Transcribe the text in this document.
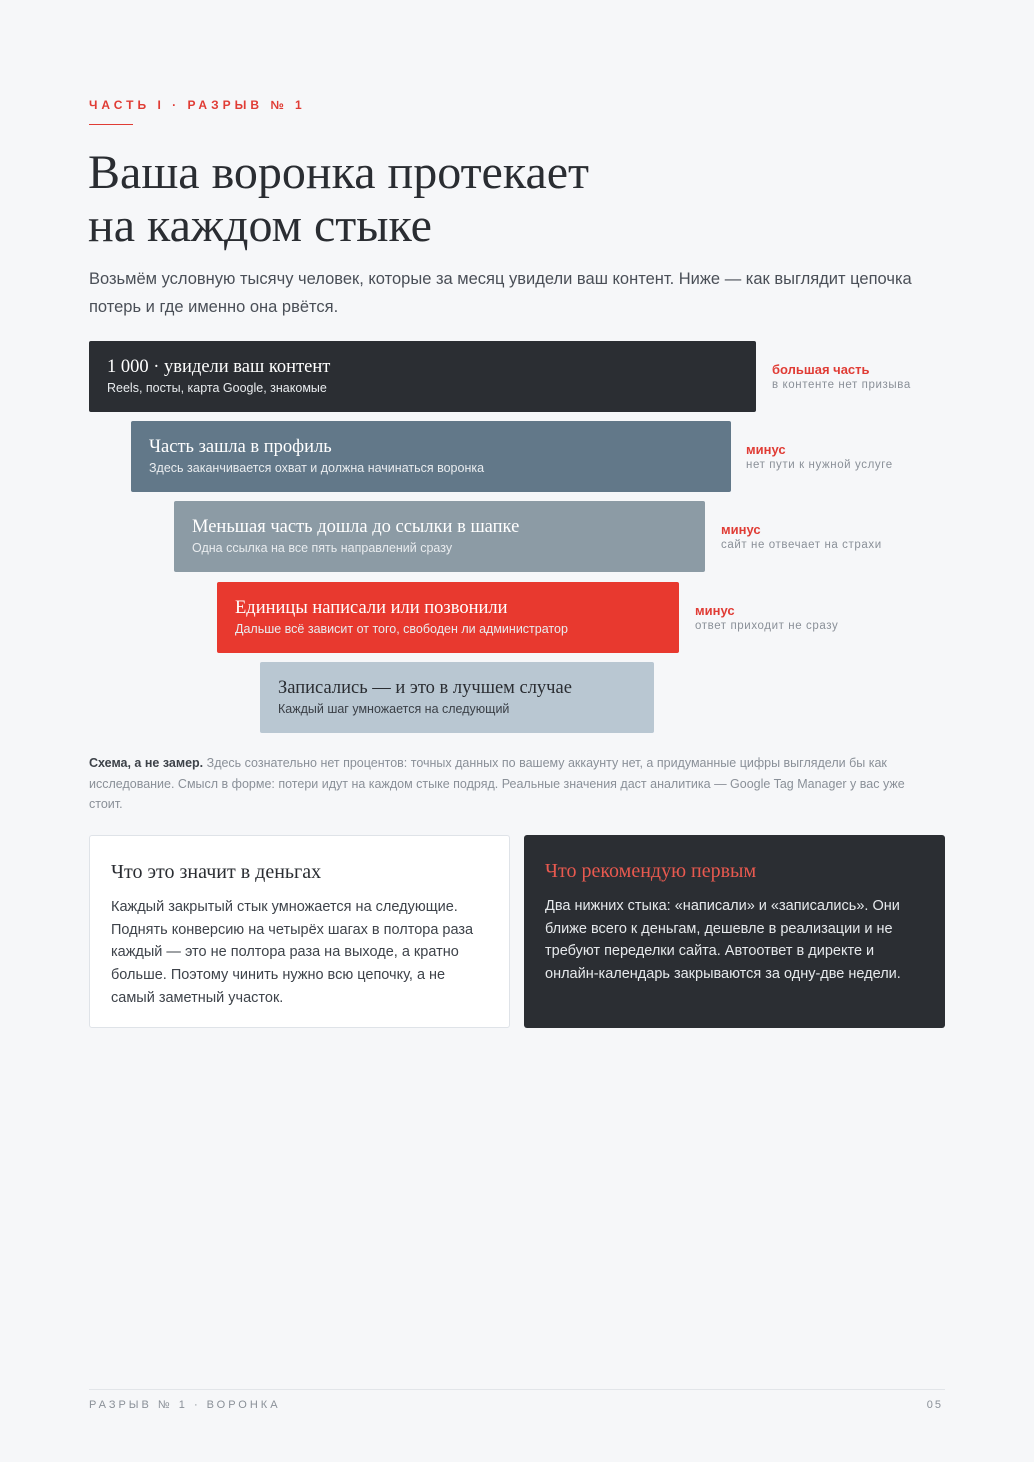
ЧАСТЬ I · РАЗРЫВ № 1
Ваша воронка протекает
на каждом стыке

Возьмём условную тысячу человек, которые за месяц увидели ваш контент. Ниже — как выглядит цепочка потерь и где именно она рвётся.

1 000 · увидели ваш контент
Reels, посты, карта Google, знакомые
большая часть
в контенте нет призыва
Часть зашла в профиль
Здесь заканчивается охват и должна начинаться воронка
минус
нет пути к нужной услуге
Меньшая часть дошла до ссылки в шапке
Одна ссылка на все пять направлений сразу
минус
сайт не отвечает на страхи
Единицы написали или позвонили
Дальше всё зависит от того, свободен ли администратор
минус
ответ приходит не сразу
Записались — и это в лучшем случае
Каждый шаг умножается на следующий

Схема, а не замер. Здесь сознательно нет процентов: точных данных по вашему аккаунту нет, а придуманные цифры выглядели бы как исследование. Смысл в форме: потери идут на каждом стыке подряд. Реальные значения даст аналитика — Google Tag Manager у вас уже стоит.

Что это значит в деньгах
Каждый закрытый стык умножается на следующие. Поднять конверсию на четырёх шагах в полтора раза каждый — это не полтора раза на выходе, а кратно больше. Поэтому чинить нужно всю цепочку, а не самый заметный участок.
Что рекомендую первым
Два нижних стыка: «написали» и «записались». Они ближе всего к деньгам, дешевле в реализации и не требуют переделки сайта. Автоответ в директе и онлайн-календарь закрываются за одну-две недели.
РАЗРЫВ № 1 · ВОРОНКА	05
